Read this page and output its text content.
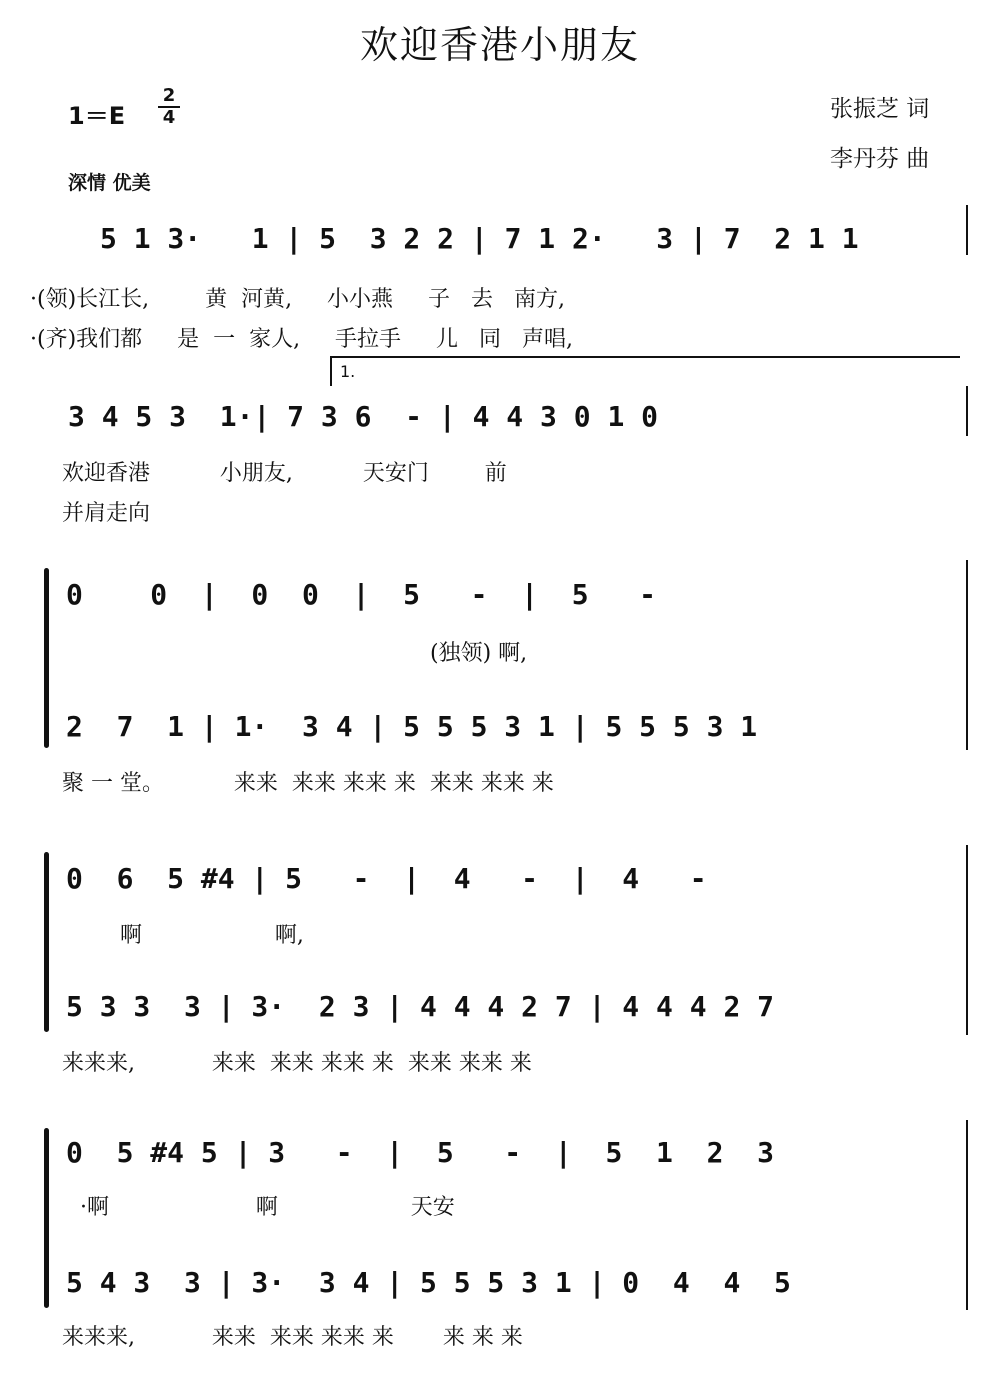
欢迎香港小朋友
$1=E \frac{2}{4}$	张振芝 词
李丹芬 曲
深情 优美
5 1 3·   1 | 5  3 2 2 | 7 1 2·   3 | 7  2 1 1
·(领)长江长,        黄  河黄,     小小燕     子   去   南方,
·(齐)我们都     是  一  家人,     手拉手     儿   同   声唱,
1.
3 4 5 3  1·| 7 3 6  - | 4 4 3 0 1 0
欢迎香港          小朋友,          天安门        前
并肩走向
0    0  |  0  0  |  5   -  |  5   -
(独领) 啊,
2  7  1 | 1·  3 4 | 5 5 5 3 1 | 5 5 5 3 1
聚 一 堂。          来来  来来 来来 来  来来 来来 来
0  6  5 #4 | 5   -  |  4   -  |  4   -
啊                   啊,
5 3 3  3 | 3·  2 3 | 4 4 4 2 7 | 4 4 4 2 7
来来来,           来来  来来 来来 来  来来 来来 来
0  5 #4 5 | 3   -  |  5   -  |  5  1  2  3
·啊                     啊                   天安
5 4 3  3 | 3·  3 4 | 5 5 5 3 1 | 0  4  4  5
来来来,           来来  来来 来来 来       来 来 来
